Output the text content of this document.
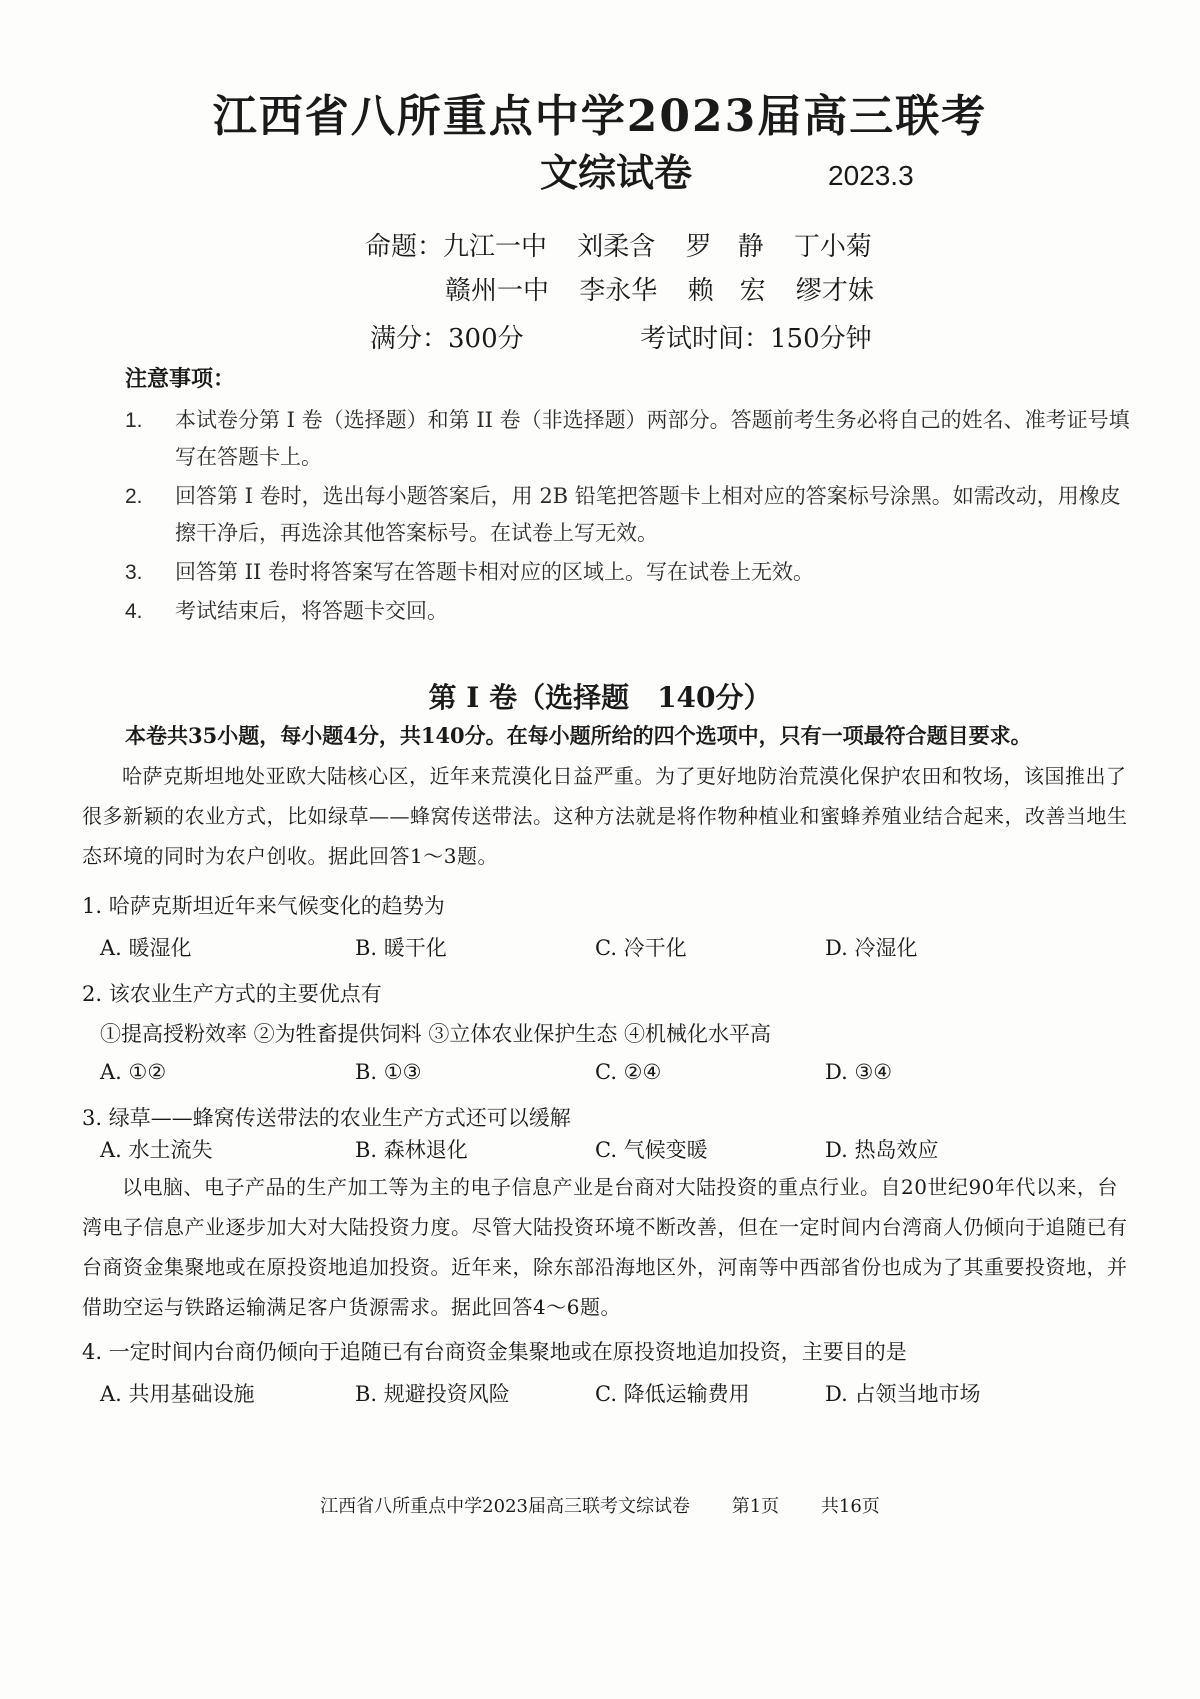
江西省八所重点中学2023届高三联考
文综试卷	2023.3
命题：九江一中 刘柔含 罗　静 丁小菊
赣州一中 李永华 赖　宏 缪才妹
满分：300分	考试时间：150分钟
注意事项：
1.	本试卷分第 I 卷（选择题）和第 II 卷（非选择题）两部分。答题前考生务必将自己的姓名、准考证号填写在答题卡上。
2.	回答第 I 卷时，选出每小题答案后，用 2B 铅笔把答题卡上相对应的答案标号涂黑。如需改动，用橡皮擦干净后，再选涂其他答案标号。在试卷上写无效。
3.	回答第 II 卷时将答案写在答题卡相对应的区域上。写在试卷上无效。
4.	考试结束后，将答题卡交回。
第 I 卷（选择题　140分）
本卷共35小题，每小题4分，共140分。在每小题所给的四个选项中，只有一项最符合题目要求。
哈萨克斯坦地处亚欧大陆核心区，近年来荒漠化日益严重。为了更好地防治荒漠化保护农田和牧场，该国推出了很多新颖的农业方式，比如绿草——蜂窝传送带法。这种方法就是将作物种植业和蜜蜂养殖业结合起来，改善当地生态环境的同时为农户创收。据此回答1～3题。
1. 哈萨克斯坦近年来气候变化的趋势为
A. 暖湿化	B. 暖干化	C. 冷干化	D. 冷湿化
2. 该农业生产方式的主要优点有
①提高授粉效率 ②为牲畜提供饲料 ③立体农业保护生态 ④机械化水平高
A. ①②	B. ①③	C. ②④	D. ③④
3. 绿草——蜂窝传送带法的农业生产方式还可以缓解
A. 水土流失	B. 森林退化	C. 气候变暖	D. 热岛效应
以电脑、电子产品的生产加工等为主的电子信息产业是台商对大陆投资的重点行业。自20世纪90年代以来，台湾电子信息产业逐步加大对大陆投资力度。尽管大陆投资环境不断改善，但在一定时间内台湾商人仍倾向于追随已有台商资金集聚地或在原投资地追加投资。近年来，除东部沿海地区外，河南等中西部省份也成为了其重要投资地，并借助空运与铁路运输满足客户货源需求。据此回答4～6题。
4. 一定时间内台商仍倾向于追随已有台商资金集聚地或在原投资地追加投资，主要目的是
A. 共用基础设施	B. 规避投资风险	C. 降低运输费用	D. 占领当地市场
江西省八所重点中学2023届高三联考文综试卷 第1页 共16页
